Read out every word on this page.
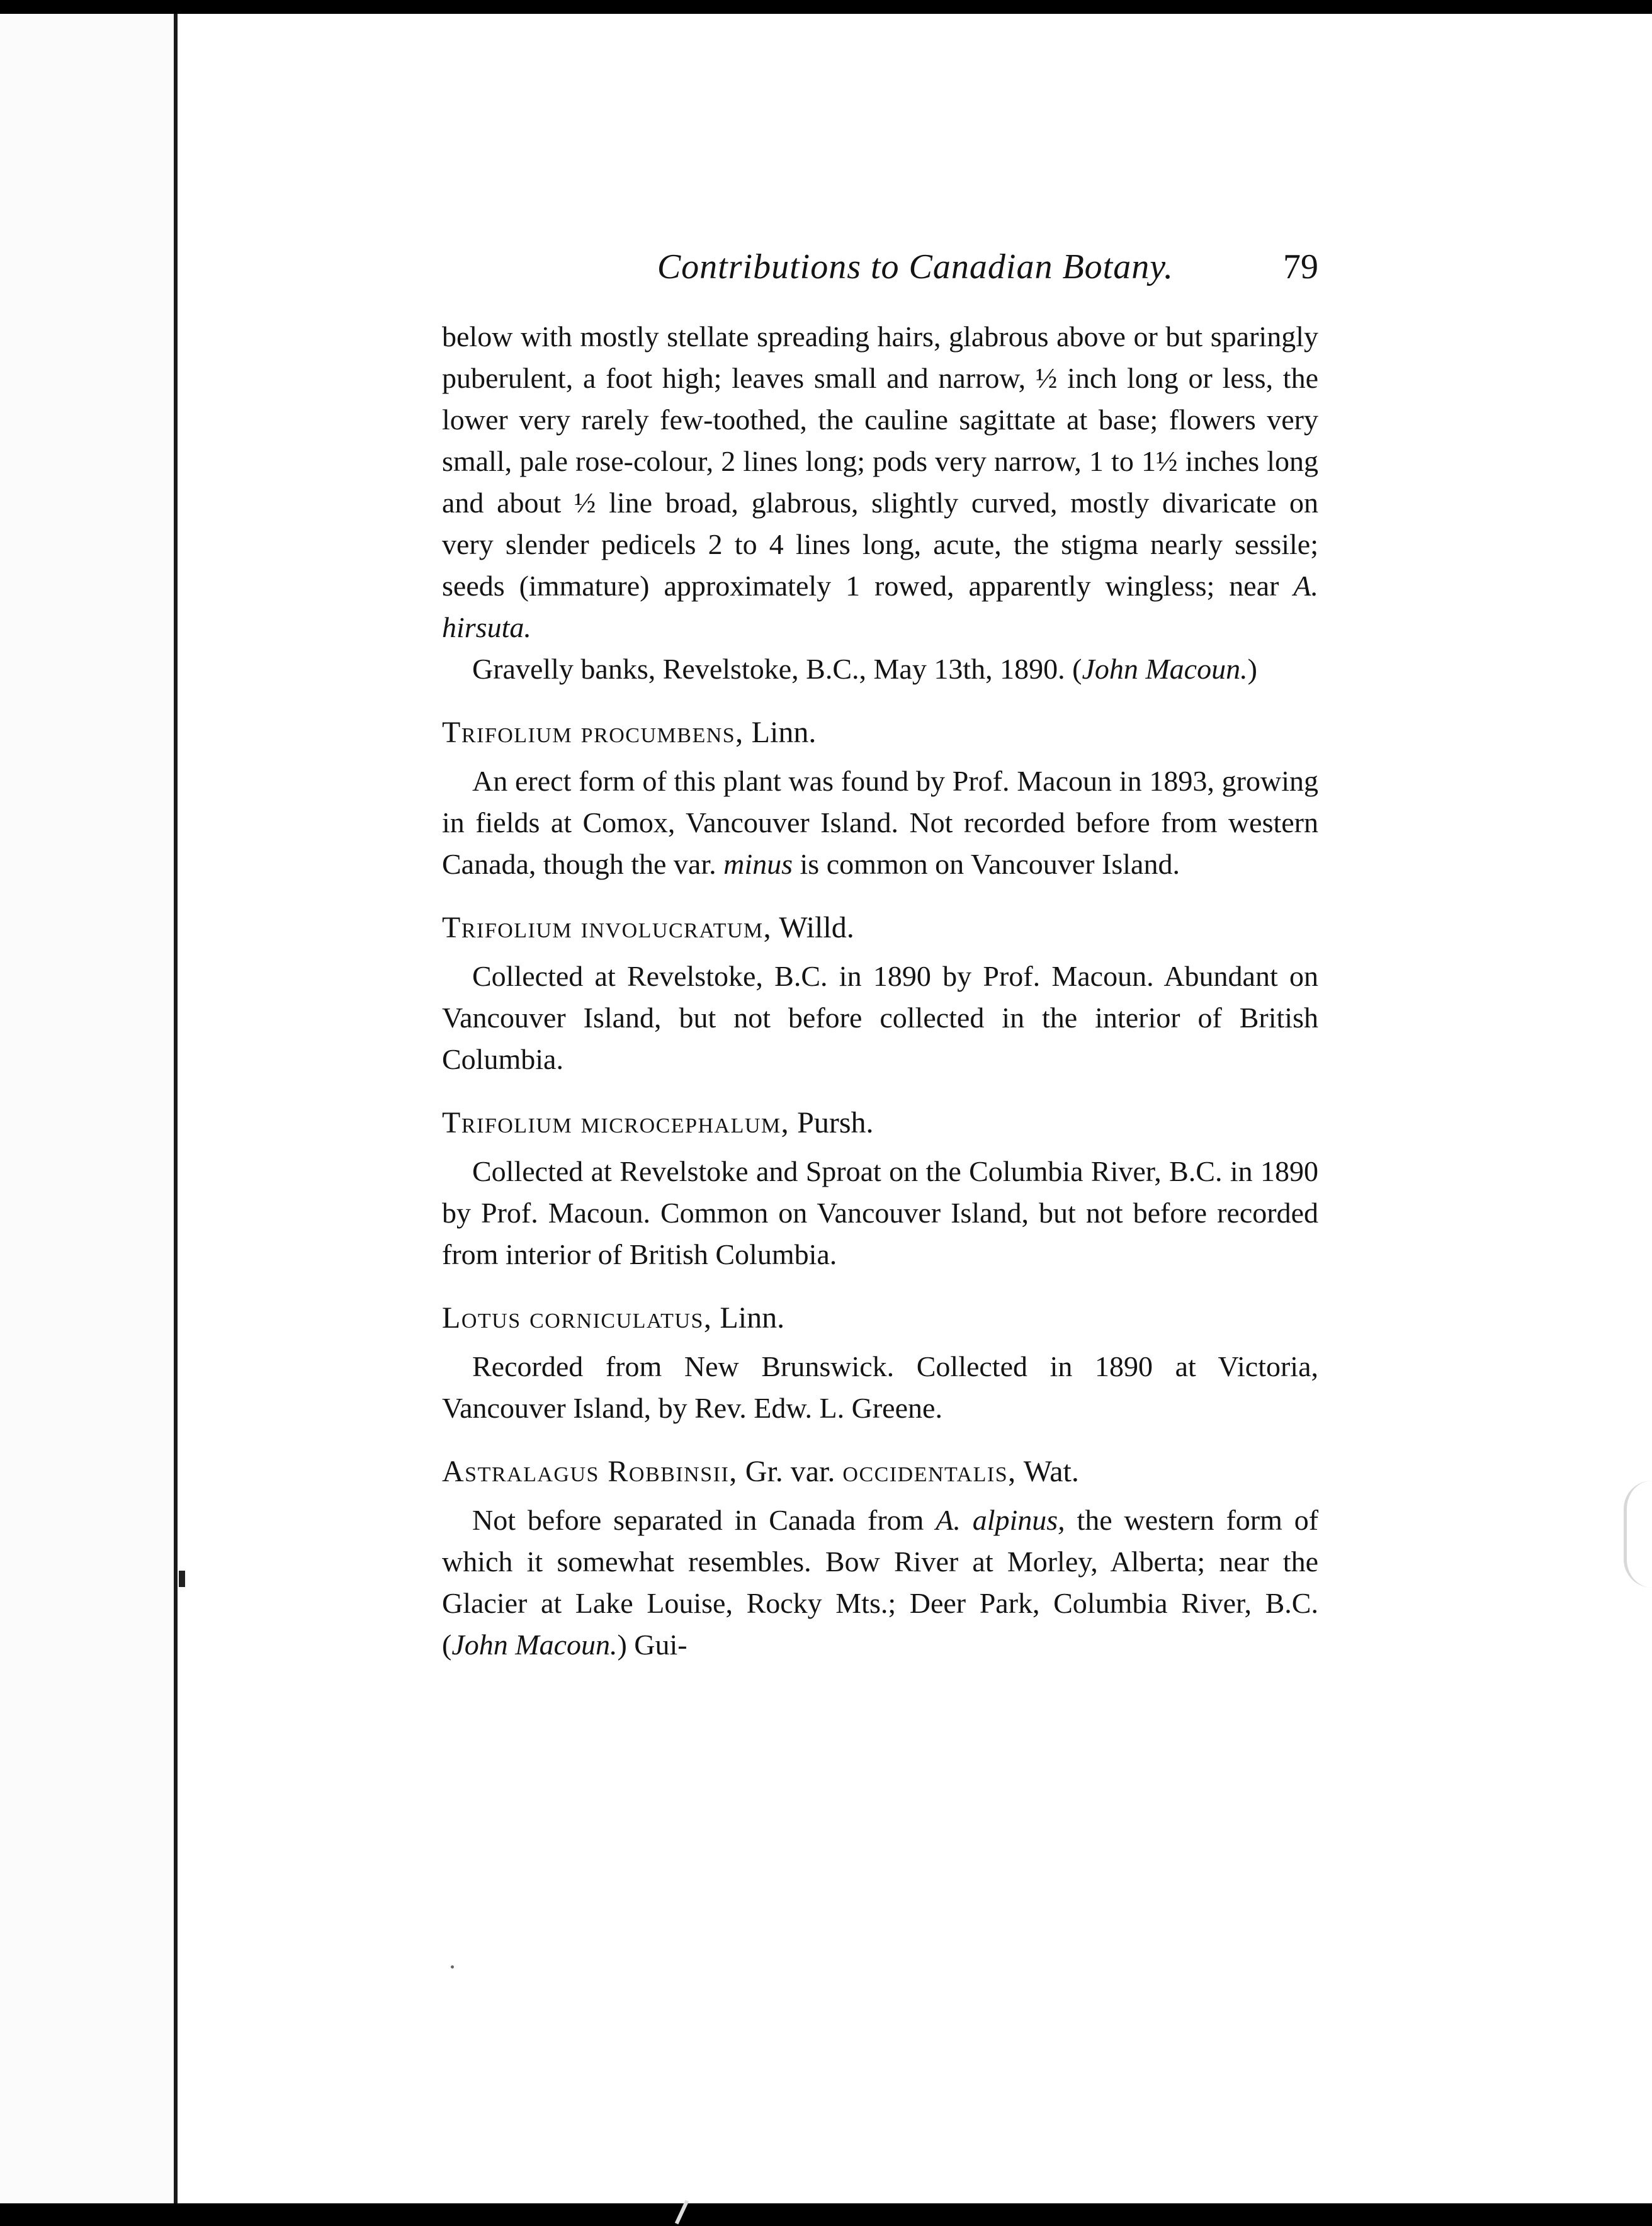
Contributions to Canadian Botany.	79

below with mostly stellate spreading hairs, glabrous above or but sparingly puberulent, a foot high; leaves small and narrow, ½ inch long or less, the lower very rarely few-toothed, the cauline sagittate at base; flowers very small, pale rose-colour, 2 lines long; pods very narrow, 1 to 1½ inches long and about ½ line broad, glabrous, slightly curved, mostly divaricate on very slender pedicels 2 to 4 lines long, acute, the stigma nearly sessile; seeds (immature) approximately 1 rowed, apparently wingless; near A. hirsuta.

Gravelly banks, Revelstoke, B.C., May 13th, 1890. (John Macoun.)

Trifolium procumbens, Linn.

An erect form of this plant was found by Prof. Macoun in 1893, growing in fields at Comox, Vancouver Island. Not recorded before from western Canada, though the var. minus is common on Vancouver Island.

Trifolium involucratum, Willd.

Collected at Revelstoke, B.C. in 1890 by Prof. Macoun. Abundant on Vancouver Island, but not before collected in the interior of British Columbia.

Trifolium microcephalum, Pursh.

Collected at Revelstoke and Sproat on the Columbia River, B.C. in 1890 by Prof. Macoun. Common on Vancouver Island, but not before recorded from interior of British Columbia.

Lotus corniculatus, Linn.

Recorded from New Brunswick. Collected in 1890 at Victoria, Vancouver Island, by Rev. Edw. L. Greene.

Astralagus Robbinsii, Gr. var. occidentalis, Wat.

Not before separated in Canada from A. alpinus, the western form of which it somewhat resembles. Bow River at Morley, Alberta; near the Glacier at Lake Louise, Rocky Mts.; Deer Park, Columbia River, B.C. (John Macoun.) Gui-
